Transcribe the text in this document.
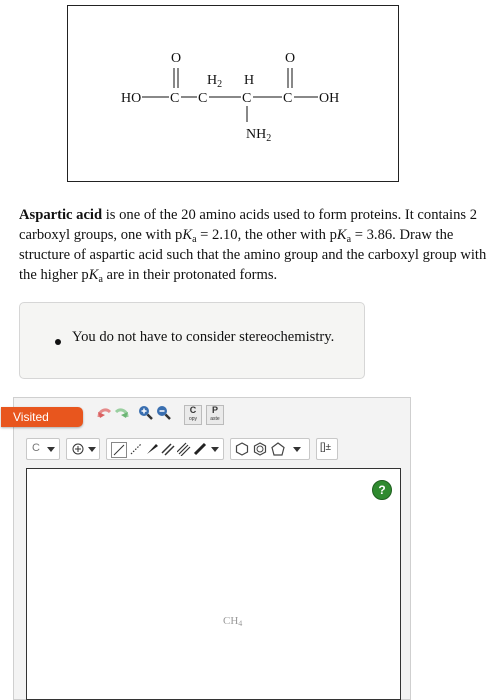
HO C
O
$H_2$
C
H
C
$NH_2$
C
O
OH
Aspartic acid is one of the 20 amino acids used to form proteins. It contains 2 carboxyl groups, one with $pK_a = 2.10$, the other with $pK_a = 3.86$. Draw the structure of aspartic acid such that the amino group and the carboxyl group with the higher $pK_a$ are in their protonated forms.
You do not have to consider stereochemistry.
Visited	C
opy
P
aste
C	[]±
?
$CH_4$
